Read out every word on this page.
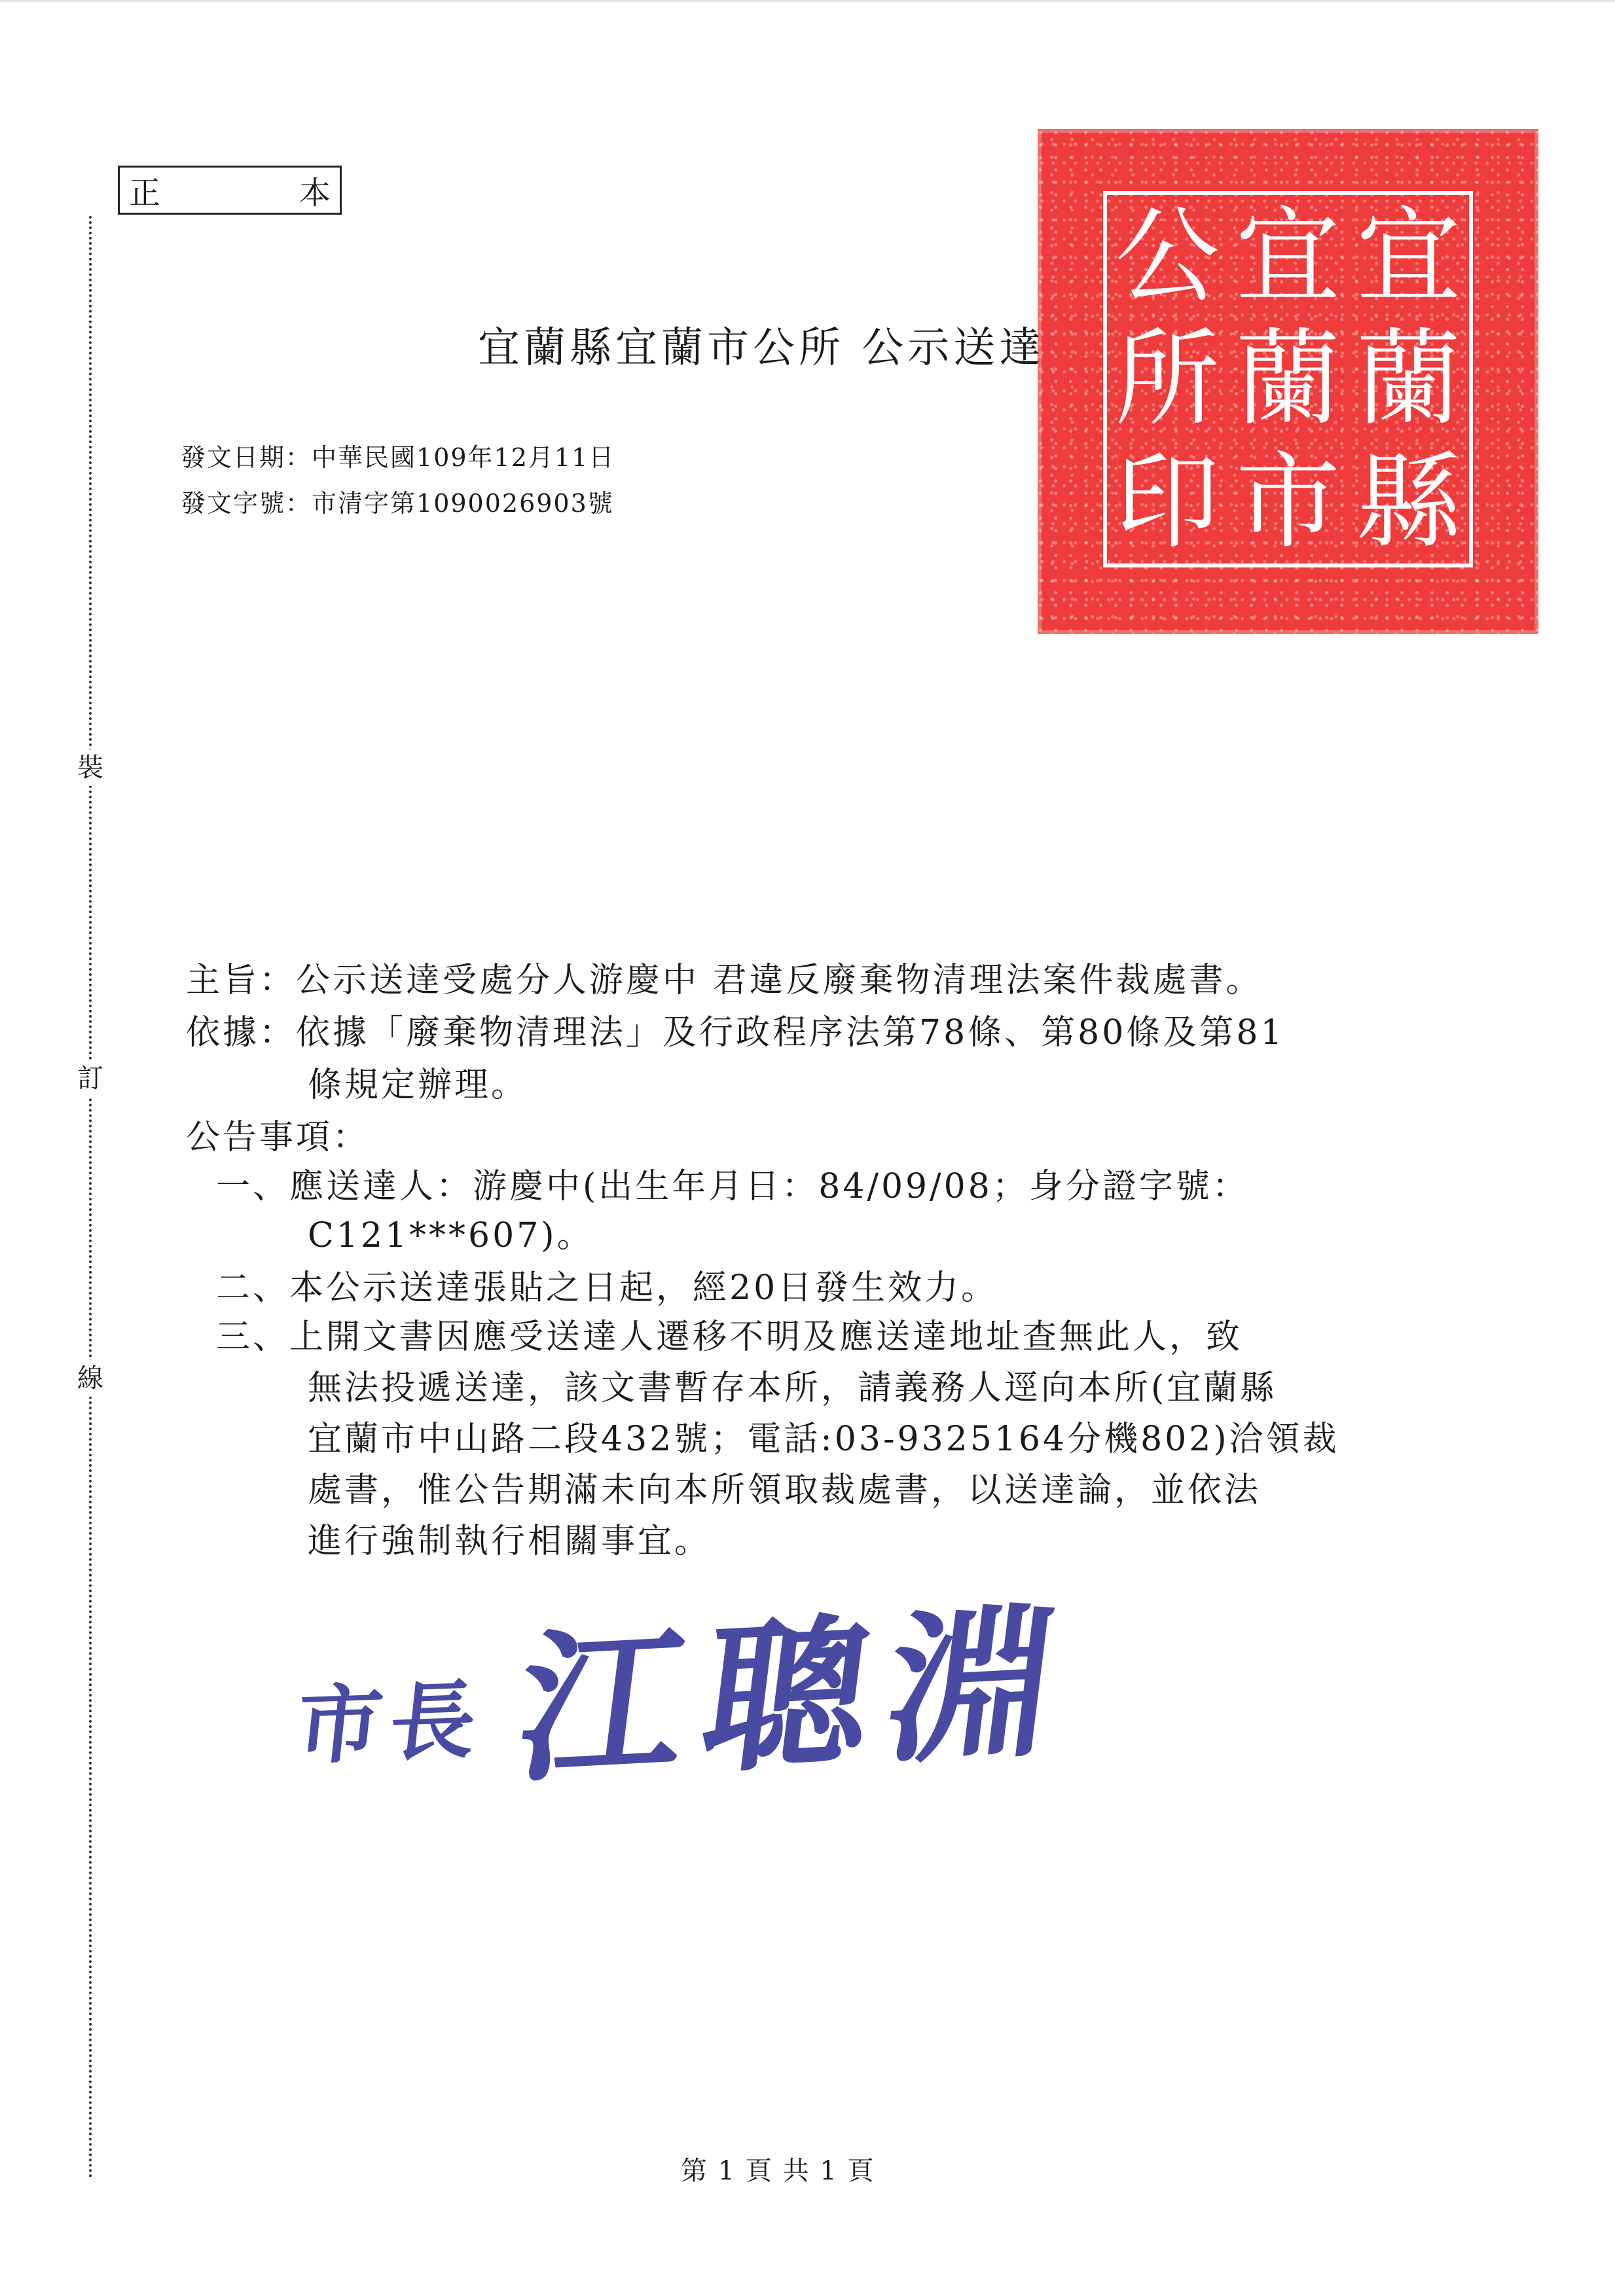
正	本
裝
訂
線
宜
蘭
縣
宜
蘭
市
公
所
印
宜蘭縣宜蘭市公所 公示送達
發文日期：中華民國109年12月11日
發文字號：市清字第1090026903號
主旨：公示送達受處分人游慶中 君違反廢棄物清理法案件裁處書。
依據：依據「廢棄物清理法」及行政程序法第78條、第80條及第81
條規定辦理。
公告事項：
一、應送達人：游慶中(出生年月日：84/09/08；身分證字號：
C121***607)。
二、本公示送達張貼之日起，經20日發生效力。
三、上開文書因應受送達人遷移不明及應送達地址查無此人，致
無法投遞送達，該文書暫存本所，請義務人逕向本所(宜蘭縣
宜蘭市中山路二段432號；電話:03-9325164分機802)洽領裁
處書，惟公告期滿未向本所領取裁處書，以送達論，並依法
進行強制執行相關事宜。
市長 江聰淵
第 1 頁 共 1 頁
